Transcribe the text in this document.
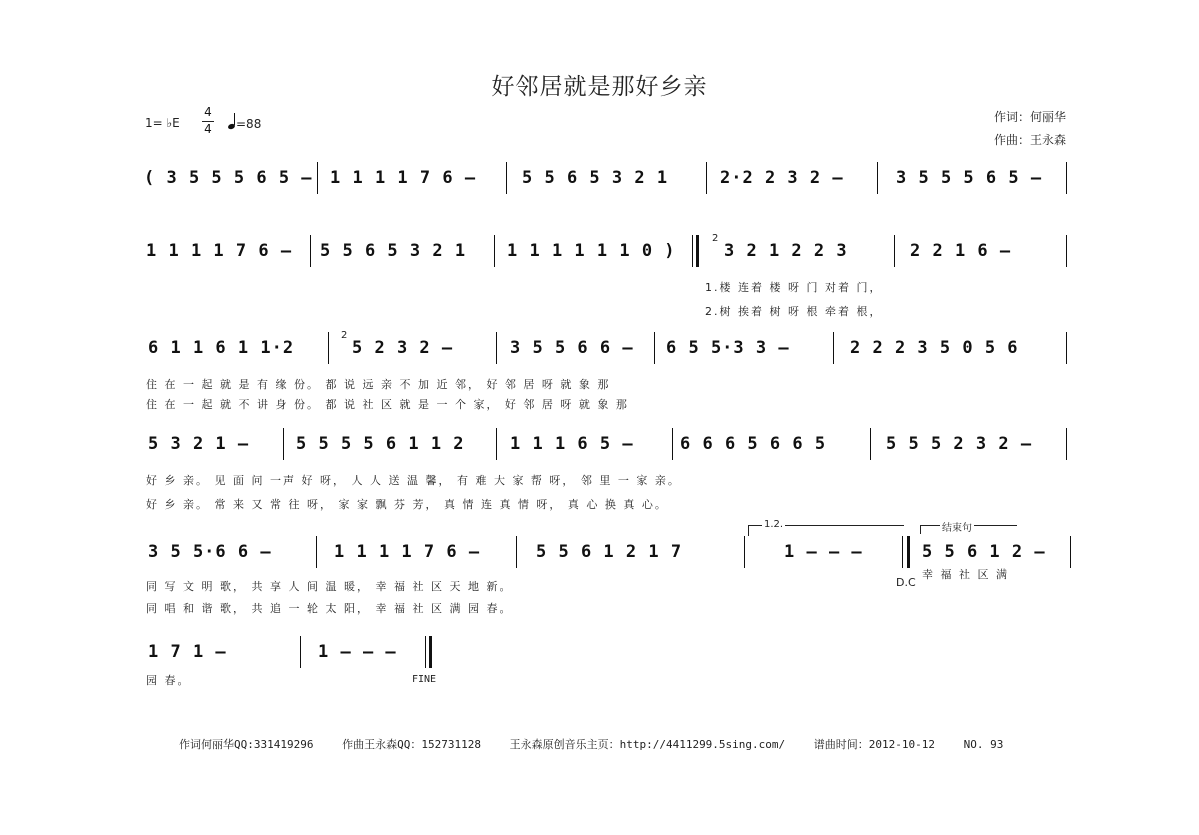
好邻居就是那好乡亲
1= ♭E
4
4	=88	作词：何丽华
作曲：王永森
( 3 5 5 5 6 5 – 1 1 1 1 7 6 –	5 5 6 5 3 2 1	2·2 2 3 2 –	3 5 5 5 6 5 –
1 1 1 1 7 6 – 5 5 6 5 3 2 1 1 1 1 1 1 1 0 )
2
3 2 1 2 2 3	2 2 1 6 –
1.楼 连着 楼 呀 门 对着 门，
2.树 挨着 树 呀 根 牵着 根，
6 1 1 6 1 1·2
2
5 2 3 2 –	3 5 5 6 6 – 6 5 5·3 3 –	2 2 2 3 5 0 5 6
住 在 一 起 就 是 有 缘 份。 都 说 远 亲 不 加 近 邻， 好 邻 居 呀 就 象 那
住 在 一 起 就 不 讲 身 份。 都 说 社 区 就 是 一 个 家， 好 邻 居 呀 就 象 那
5 3 2 1 –	5 5 5 5 6 1 1 2	1 1 1 6 5 –	6 6 6 5 6 6 5	5 5 5 2 3 2 –
好 乡 亲。 见 面 问 一声 好 呀， 人 人 送 温 馨， 有 难 大 家 帮 呀， 邻 里 一 家 亲。
好 乡 亲。 常 来 又 常 往 呀， 家 家 飘 芬 芳， 真 情 连 真 情 呀， 真 心 换 真 心。
1.2.	结束句
3 5 5·6 6 –	1 1 1 1 7 6 –	5 5 6 1 2 1 7	1 – – –	5 5 6 1 2 –
D.C
幸 福 社 区 满
同 写 文 明 歌， 共 享 人 间 温 暖， 幸 福 社 区 天 地 新。
同 唱 和 谐 歌， 共 追 一 轮 太 阳， 幸 福 社 区 满 园 春。
1 7 1 –	1 – – –
园 春。	FINE
作词何丽华QQ:331419296	作曲王永森QQ：152731128	王永森原创音乐主页：http://4411299.5sing.com/	谱曲时间：2012-10-12	NO. 93
